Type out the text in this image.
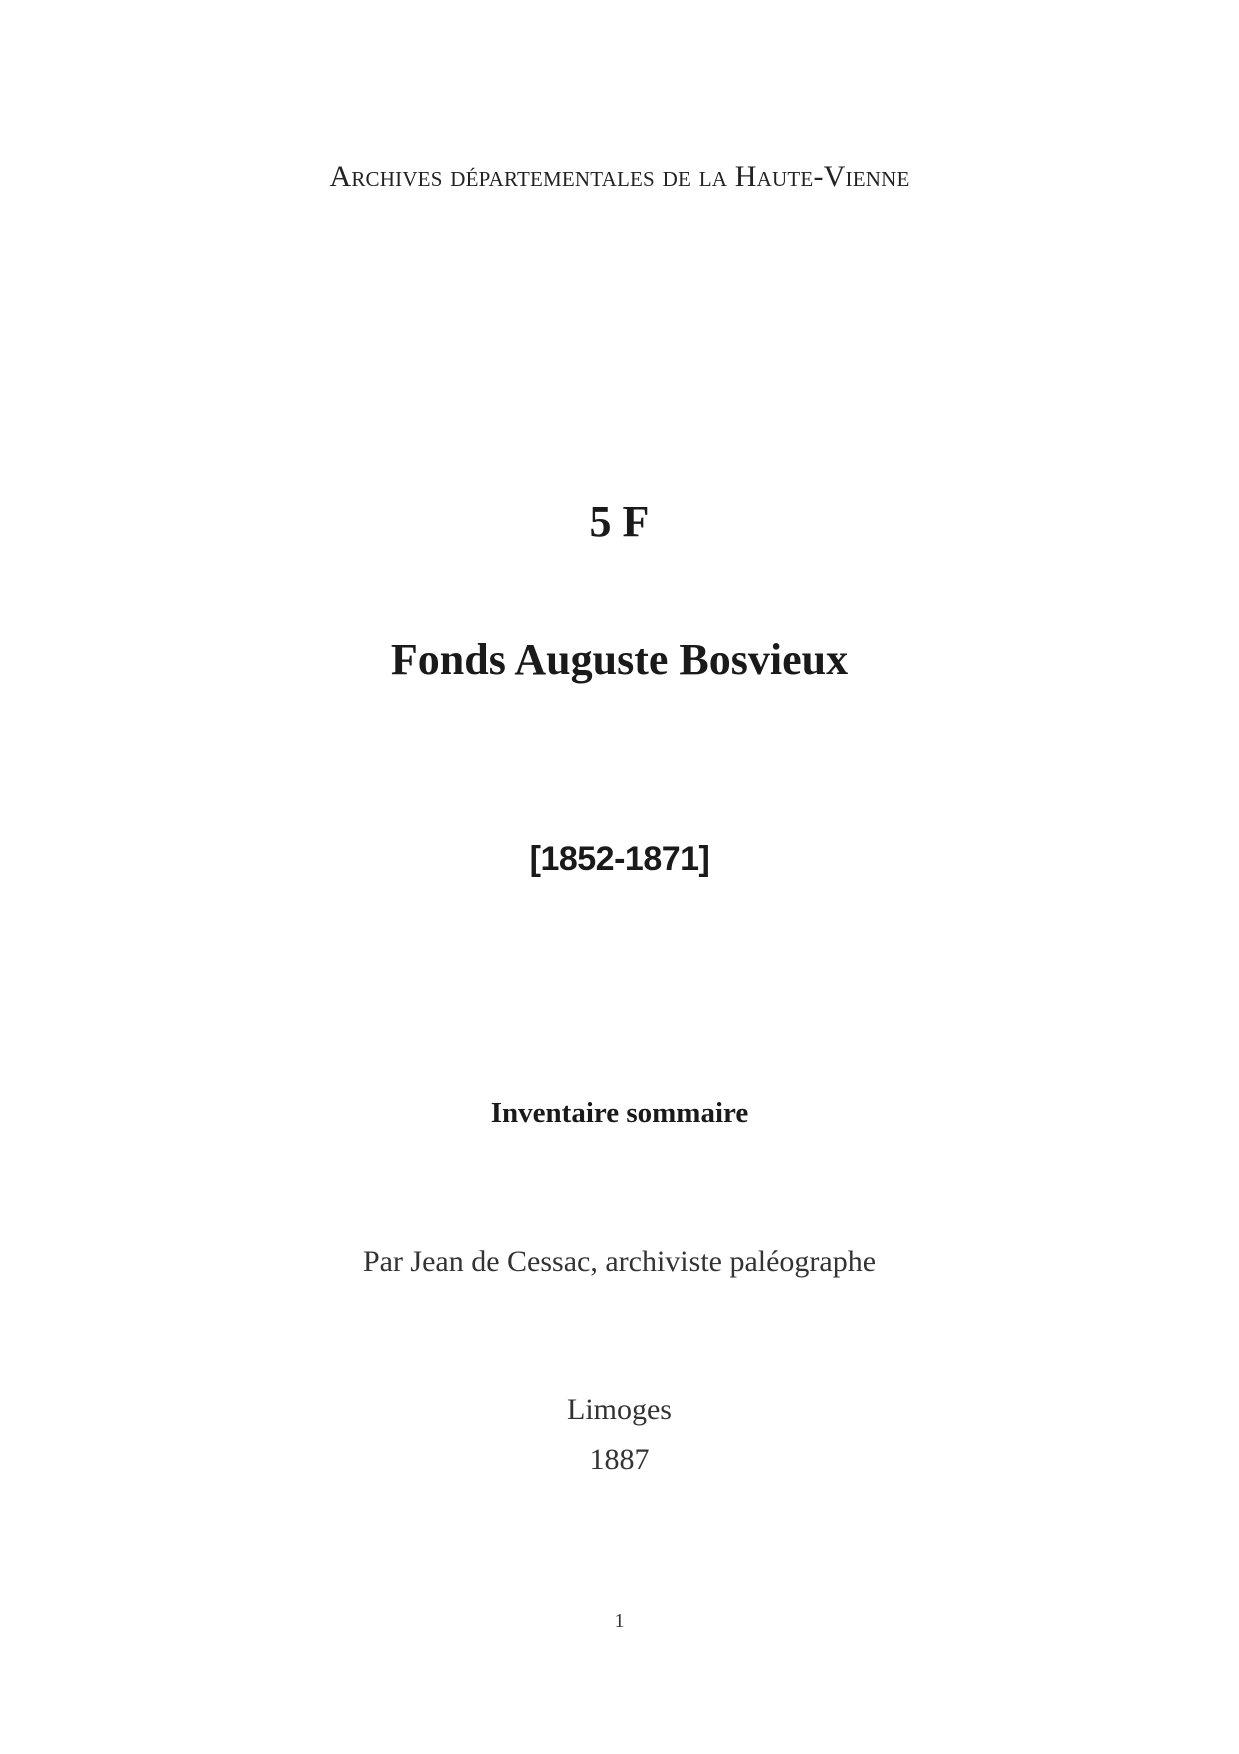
Archives départementales de la Haute-Vienne
5 F
Fonds Auguste Bosvieux
[1852-1871]
Inventaire sommaire
Par Jean de Cessac, archiviste paléographe
Limoges
1887
1
